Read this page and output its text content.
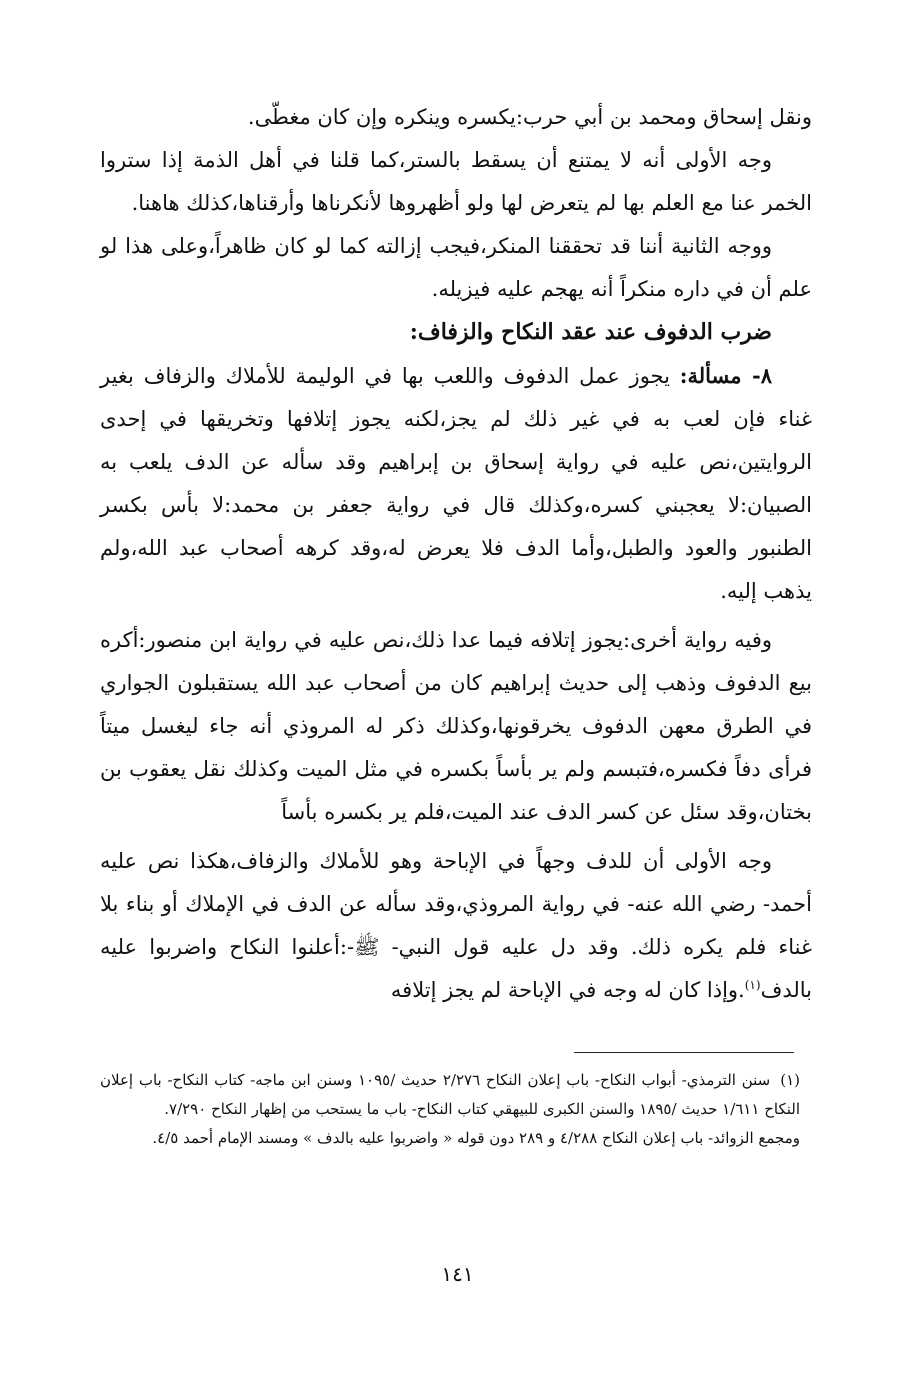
ونقل إسحاق ومحمد بن أبي حرب:يكسره وينكره وإن كان مغطّى.

وجه الأولى أنه لا يمتنع أن يسقط بالستر،كما قلنا في أهل الذمة إذا ستروا الخمر عنا مع العلم بها لم يتعرض لها ولو أظهروها لأنكرناها وأرقناها،كذلك هاهنا.

ووجه الثانية أننا قد تحققنا المنكر،فيجب إزالته كما لو كان ظاهراً،وعلى هذا لو علم أن في داره منكراً أنه يهجم عليه فيزيله.

ضرب الدفوف عند عقد النكاح والزفاف:

٨- مسألة: يجوز عمل الدفوف واللعب بها في الوليمة للأملاك والزفاف بغير غناء فإن لعب به في غير ذلك لم يجز،لكنه يجوز إتلافها وتخريقها في إحدى الروايتين،نص عليه في رواية إسحاق بن إبراهيم وقد سأله عن الدف يلعب به الصبيان:لا يعجبني كسره،وكذلك قال في رواية جعفر بن محمد:لا بأس بكسر الطنبور والعود والطبل،وأما الدف فلا يعرض له،وقد كرهه أصحاب عبد الله،ولم يذهب إليه.

وفيه رواية أخرى:يجوز إتلافه فيما عدا ذلك،نص عليه في رواية ابن منصور:أكره بيع الدفوف وذهب إلى حديث إبراهيم كان من أصحاب عبد الله يستقبلون الجواري في الطرق معهن الدفوف يخرقونها،وكذلك ذكر له المروذي أنه جاء ليغسل ميتاً فرأى دفاً فكسره،فتبسم ولم ير بأساً بكسره في مثل الميت وكذلك نقل يعقوب بن بختان،وقد سئل عن كسر الدف عند الميت،فلم ير بكسره بأساً

وجه الأولى أن للدف وجهاً في الإباحة وهو للأملاك والزفاف،هكذا نص عليه أحمد- رضي الله عنه- في رواية المروذي،وقد سأله عن الدف في الإملاك أو بناء بلا غناء فلم يكره ذلك. وقد دل عليه قول النبي- ﷺ-:أعلنوا النكاح واضربوا عليه بالدف$^{(١)}$.وإذا كان له وجه في الإباحة لم يجز إتلافه

(١)سنن الترمذي- أبواب النكاح- باب إعلان النكاح ٢/٢٧٦ حديث /١٠٩٥ وسنن ابن ماجه- كتاب النكاح- باب إعلان النكاح ١/٦١١ حديث /١٨٩٥ والسنن الكبرى للبيهقي كتاب النكاح- باب ما يستحب من إظهار النكاح ٧/٢٩٠.

ومجمع الزوائد- باب إعلان النكاح ٤/٢٨٨ و ٢٨٩ دون قوله « واضربوا عليه بالدف » ومسند الإمام أحمد ٤/٥.

١٤١
